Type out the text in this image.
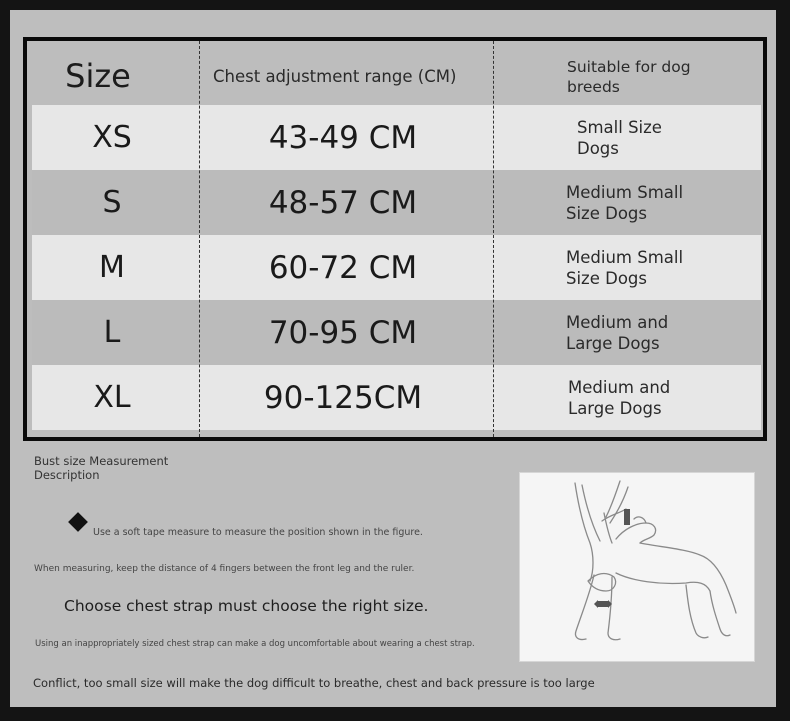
Size	Chest adjustment range (CM)	Suitable for dog breeds
XS	43-49 CM	Small Size Dogs
S	48-57 CM	Medium Small Size Dogs
M	60-72 CM	Medium Small Size Dogs
L	70-95 CM	Medium and Large Dogs
XL	90-125CM	Medium and Large Dogs
Bust size Measurement Description
Use a soft tape measure to measure the position shown in the figure.
When measuring, keep the distance of 4 fingers between the front leg and the ruler.
Choose chest strap must choose the right size.
Using an inappropriately sized chest strap can make a dog uncomfortable about wearing a chest strap.
Conflict, too small size will make the dog difficult to breathe, chest and back pressure is too large
